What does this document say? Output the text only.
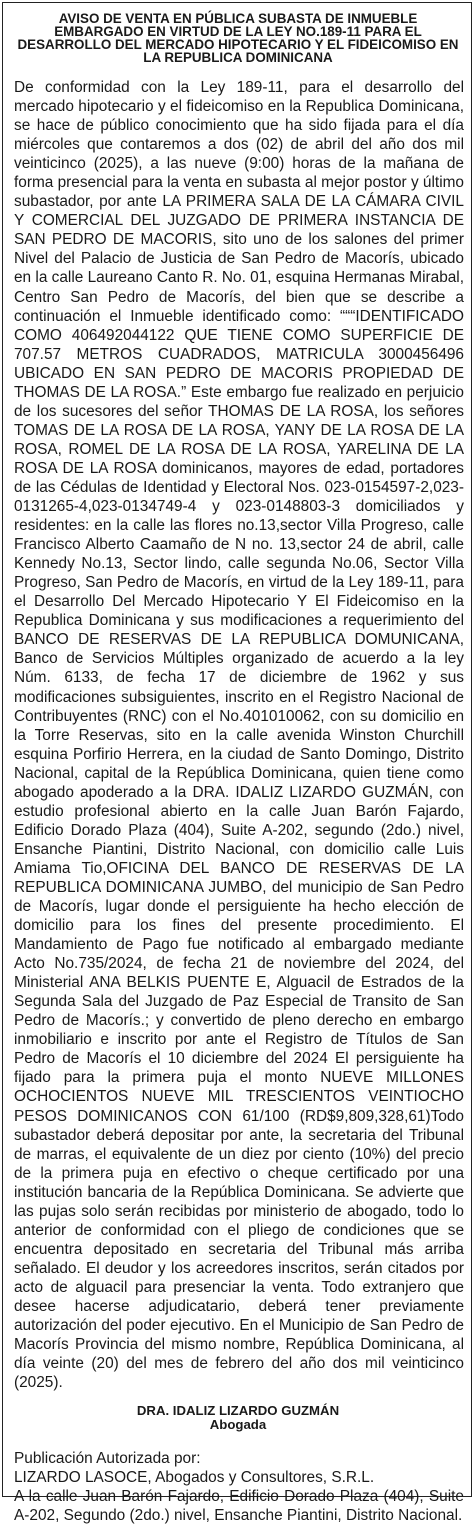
AVISO DE VENTA EN PÚBLICA SUBASTA DE INMUEBLE EMBARGADO EN VIRTUD DE LA LEY NO.189-11 PARA EL DESARROLLO DEL MERCADO HIPOTECARIO Y EL FIDEICOMISO EN LA REPUBLICA DOMINICANA

De conformidad con la Ley 189-11, para el desarrollo del mercado hipotecario y el fideicomiso en la Republica Dominicana, se hace de público conocimiento que ha sido fijada para el día miércoles que contaremos a dos (02) de abril del año dos mil veinticinco (2025), a las nueve (9:00) horas de la mañana de forma presencial para la venta en subasta al mejor postor y último subastador, por ante LA PRIMERA SALA DE LA CÁMARA CIVIL Y COMERCIAL DEL JUZGADO DE PRIMERA INSTANCIA DE SAN PEDRO DE MACORIS, sito uno de los salones del primer Nivel del Palacio de Justicia de San Pedro de Macorís, ubicado en la calle Laureano Canto R. No. 01, esquina Hermanas Mirabal, Centro San Pedro de Macorís, del bien que se describe a continuación el Inmueble identificado como: “““IDENTIFICADO COMO 406492044122 QUE TIENE COMO SUPERFICIE DE 707.57 METROS CUADRADOS, MATRICULA 3000456496 UBICADO EN SAN PEDRO DE MACORIS PROPIEDAD DE THOMAS DE LA ROSA.” Este embargo fue realizado en perjuicio de los sucesores del señor THOMAS DE LA ROSA, los señores TOMAS DE LA ROSA DE LA ROSA, YANY DE LA ROSA DE LA ROSA, ROMEL DE LA ROSA DE LA ROSA, YARELINA DE LA ROSA DE LA ROSA dominicanos, mayores de edad, portadores de las Cédulas de Identidad y Electoral Nos. 023-0154597-2,023-0131265-4,023-0134749-4 y 023-0148803-3 domiciliados y residentes: en la calle las flores no.13,sector Villa Progreso, calle Francisco Alberto Caamaño de N no. 13,sector 24 de abril, calle Kennedy No.13, Sector lindo, calle segunda No.06, Sector Villa Progreso, San Pedro de Macorís, en virtud de la Ley 189-11, para el Desarrollo Del Mercado Hipotecario Y El Fideicomiso en la Republica Dominicana y sus modificaciones a requerimiento del BANCO DE RESERVAS DE LA REPUBLICA DOMUNICANA, Banco de Servicios Múltiples organizado de acuerdo a la ley Núm. 6133, de fecha 17 de diciembre de 1962 y sus modificaciones subsiguientes, inscrito en el Registro Nacional de Contribuyentes (RNC) con el No.401010062, con su domicilio en la Torre Reservas, sito en la calle avenida Winston Churchill esquina Porfirio Herrera, en la ciudad de Santo Domingo, Distrito Nacional, capital de la República Dominicana, quien tiene como abogado apoderado a la DRA. IDALIZ LIZARDO GUZMÁN, con estudio profesional abierto en la calle Juan Barón Fajardo, Edificio Dorado Plaza (404), Suite A-202, segundo (2do.) nivel, Ensanche Piantini, Distrito Nacional, con domicilio calle Luis Amiama Tio,OFICINA DEL BANCO DE RESERVAS DE LA REPUBLICA DOMINICANA JUMBO, del municipio de San Pedro de Macorís, lugar donde el persiguiente ha hecho elección de domicilio para los fines del presente procedimiento. El Mandamiento de Pago fue notificado al embargado mediante Acto No.735/2024, de fecha 21 de noviembre del 2024, del Ministerial ANA BELKIS PUENTE E, Alguacil de Estrados de la Segunda Sala del Juzgado de Paz Especial de Transito de San Pedro de Macorís.; y convertido de pleno derecho en embargo inmobiliario e inscrito por ante el Registro de Títulos de San Pedro de Macorís el 10 diciembre del 2024 El persiguiente ha fijado para la primera puja el monto NUEVE MILLONES OCHOCIENTOS NUEVE MIL TRESCIENTOS VEINTIOCHO PESOS DOMINICANOS CON 61/100 (RD$9,809,328,61)Todo subastador deberá depositar por ante, la secretaria del Tribunal de marras, el equivalente de un diez por ciento (10%) del precio de la primera puja en efectivo o cheque certificado por una institución bancaria de la República Dominicana. Se advierte que las pujas solo serán recibidas por ministerio de abogado, todo lo anterior de conformidad con el pliego de condiciones que se encuentra depositado en secretaria del Tribunal más arriba señalado. El deudor y los acreedores inscritos, serán citados por acto de alguacil para presenciar la venta. Todo extranjero que desee hacerse adjudicatario, deberá tener previamente autorización del poder ejecutivo. En el Municipio de San Pedro de Macorís Provincia del mismo nombre, República Dominicana, al día veinte (20) del mes de febrero del año dos mil veinticinco (2025).

DRA. IDALIZ LIZARDO GUZMÁN
Abogada
Publicación Autorizada por:
LIZARDO LASOCE, Abogados y Consultores, S.R.L.
A la calle Juan Barón Fajardo, Edificio Dorado Plaza (404), Suite A-202, Segundo (2do.) nivel, Ensanche Piantini, Distrito Nacional.
